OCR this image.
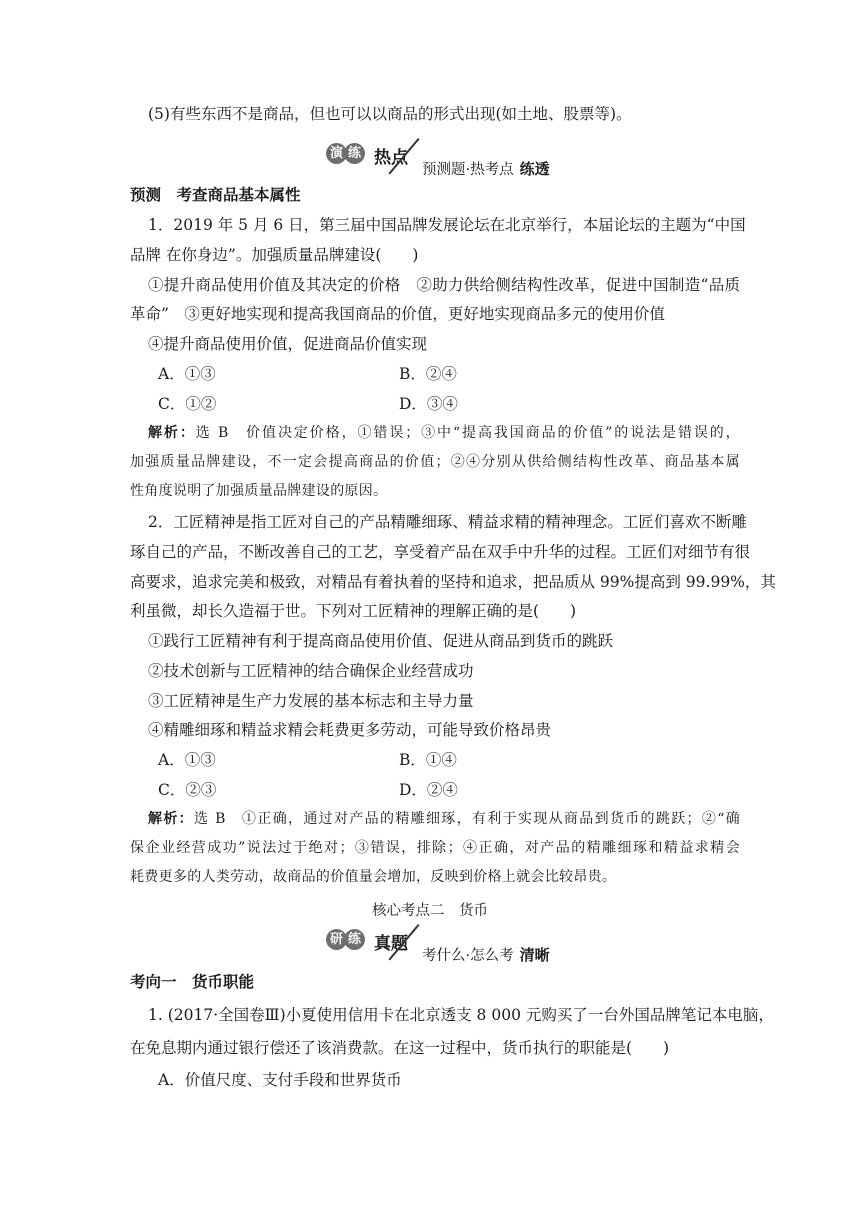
(5)有些东西不是商品，但也可以以商品的形式出现(如土地、股票等)。
演 练 热点
预测题·热考点 练透
预测　考查商品基本属性
1．2019 年 5 月 6 日，第三届中国品牌发展论坛在北京举行，本届论坛的主题为“中国
品牌 在你身边”。加强质量品牌建设(　　)
①提升商品使用价值及其决定的价格　②助力供给侧结构性改革，促进中国制造“品质
革命”　③更好地实现和提高我国商品的价值，更好地实现商品多元的使用价值
④提升商品使用价值，促进商品价值实现
A．①③	B．②④
C．①②	D．③④
解析：选 B　价值决定价格，①错误；③中“提高我国商品的价值”的说法是错误的，
加强质量品牌建设，不一定会提高商品的价值；②④分别从供给侧结构性改革、商品基本属
性角度说明了加强质量品牌建设的原因。
2．工匠精神是指工匠对自己的产品精雕细琢、精益求精的精神理念。工匠们喜欢不断雕
琢自己的产品，不断改善自己的工艺，享受着产品在双手中升华的过程。工匠们对细节有很
高要求，追求完美和极致，对精品有着执着的坚持和追求，把品质从 99%提高到 99.99%，其
利虽微，却长久造福于世。下列对工匠精神的理解正确的是(　　)
①践行工匠精神有利于提高商品使用价值、促进从商品到货币的跳跃
②技术创新与工匠精神的结合确保企业经营成功
③工匠精神是生产力发展的基本标志和主导力量
④精雕细琢和精益求精会耗费更多劳动，可能导致价格昂贵
A．①③	B．①④
C．②③	D．②④
解析：选 B　①正确，通过对产品的精雕细琢，有利于实现从商品到货币的跳跃；②“确
保企业经营成功”说法过于绝对；③错误，排除；④正确，对产品的精雕细琢和精益求精会
耗费更多的人类劳动，故商品的价值量会增加，反映到价格上就会比较昂贵。
核心考点二　货币
研 练 真题
考什么·怎么考 清晰
考向一　货币职能
1. (2017·全国卷Ⅲ)小夏使用信用卡在北京透支 8 000 元购买了一台外国品牌笔记本电脑，
在免息期内通过银行偿还了该消费款。在这一过程中，货币执行的职能是(　　)
A．价值尺度、支付手段和世界货币
